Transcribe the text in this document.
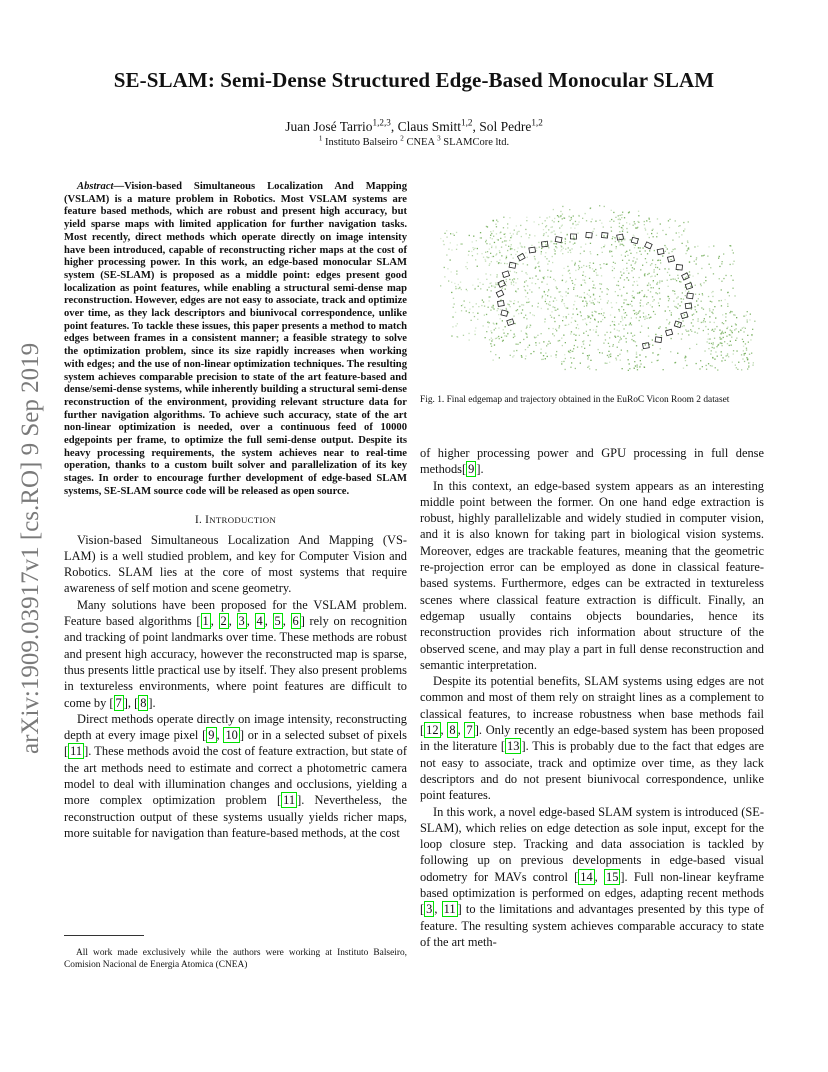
arXiv:1909.03917v1 [cs.RO] 9 Sep 2019
SE-SLAM: Semi-Dense Structured Edge-Based Monocular SLAM
Juan José Tarrio$^{1,2,3}$, Claus Smitt$^{1,2}$, Sol Pedre$^{1,2}$
$^1$ Instituto Balseiro $^2$ CNEA $^3$ SLAMCore ltd.

Abstract—Vision-based Simultaneous Localization And Mapping (VSLAM) is a mature problem in Robotics. Most VSLAM systems are feature based methods, which are robust and present high accuracy, but yield sparse maps with limited application for further navigation tasks. Most recently, direct methods which operate directly on image intensity have been introduced, capable of reconstructing richer maps at the cost of higher processing power. In this work, an edge-based monocular SLAM system (SE-SLAM) is proposed as a middle point: edges present good localization as point features, while enabling a structural semi-dense map reconstruction. However, edges are not easy to associate, track and optimize over time, as they lack descriptors and biunivocal correspondence, unlike point features. To tackle these issues, this paper presents a method to match edges between frames in a consistent manner; a feasible strategy to solve the optimization problem, since its size rapidly increases when working with edges; and the use of non-linear optimization techniques. The resulting system achieves comparable precision to state of the art feature-based and dense/semi-dense systems, while inherently building a structural semi-dense reconstruction of the environment, providing relevant structure data for further navigation algorithms. To achieve such accuracy, state of the art non-linear optimization is needed, over a continuous feed of 10000 edgepoints per frame, to optimize the full semi-dense output. Despite its heavy processing requirements, the system achieves near to real-time operation, thanks to a custom built solver and parallelization of its key stages. In order to encourage further development of edge-based SLAM systems, SE-SLAM source code will be released as open source.

I. INTRODUCTION

Vision-based Simultaneous Localization And Mapping (VS-LAM) is a well studied problem, and key for Computer Vision and Robotics. SLAM lies at the core of most systems that require awareness of self motion and scene geometry.

Many solutions have been proposed for the VSLAM problem. Feature based algorithms [ 1 , 2 , 3 , 4 , 5 , 6 ] rely on recognition and tracking of point landmarks over time. These methods are robust and present high accuracy, however the reconstructed map is sparse, thus presents little practical use by itself. They also present problems in textureless environments, where point features are difficult to come by [ 7 ], [ 8 ].

Direct methods operate directly on image intensity, reconstructing depth at every image pixel [ 9 , 10 ] or in a selected subset of pixels [ 11 ]. These methods avoid the cost of feature extraction, but state of the art methods need to estimate and correct a photometric camera model to deal with illumination changes and occlusions, yielding a more complex optimization problem [ 11 ]. Nevertheless, the reconstruction output of these systems usually yields richer maps, more suitable for navigation than feature-based methods, at the cost

All work made exclusively while the authors were working at Instituto Balseiro, Comision Nacional de Energia Atomica (CNEA)

Fig. 1. Final edgemap and trajectory obtained in the EuRoC Vicon Room 2 dataset

of higher processing power and GPU processing in full dense methods[ 9 ].

In this context, an edge-based system appears as an interesting middle point between the former. On one hand edge extraction is robust, highly parallelizable and widely studied in computer vision, and it is also known for taking part in biological vision systems. Moreover, edges are trackable features, meaning that the geometric re-projection error can be employed as done in classical feature-based systems. Furthermore, edges can be extracted in textureless scenes where classical feature extraction is difficult. Finally, an edgemap usually contains objects boundaries, hence its reconstruction provides rich information about structure of the observed scene, and may play a part in full dense reconstruction and semantic interpretation.

Despite its potential benefits, SLAM systems using edges are not common and most of them rely on straight lines as a complement to classical features, to increase robustness when base methods fail [ 12 , 8 , 7 ]. Only recently an edge-based system has been proposed in the literature [ 13 ]. This is probably due to the fact that edges are not easy to associate, track and optimize over time, as they lack descriptors and do not present biunivocal correspondence, unlike point features.

In this work, a novel edge-based SLAM system is introduced (SE-SLAM), which relies on edge detection as sole input, except for the loop closure step. Tracking and data association is tackled by following up on previous developments in edge-based visual odometry for MAVs control [ 14 , 15 ]. Full non-linear keyframe based optimization is performed on edges, adapting recent methods [ 3 , 11 ] to the limitations and advantages presented by this type of feature. The resulting system achieves comparable accuracy to state of the art meth-
